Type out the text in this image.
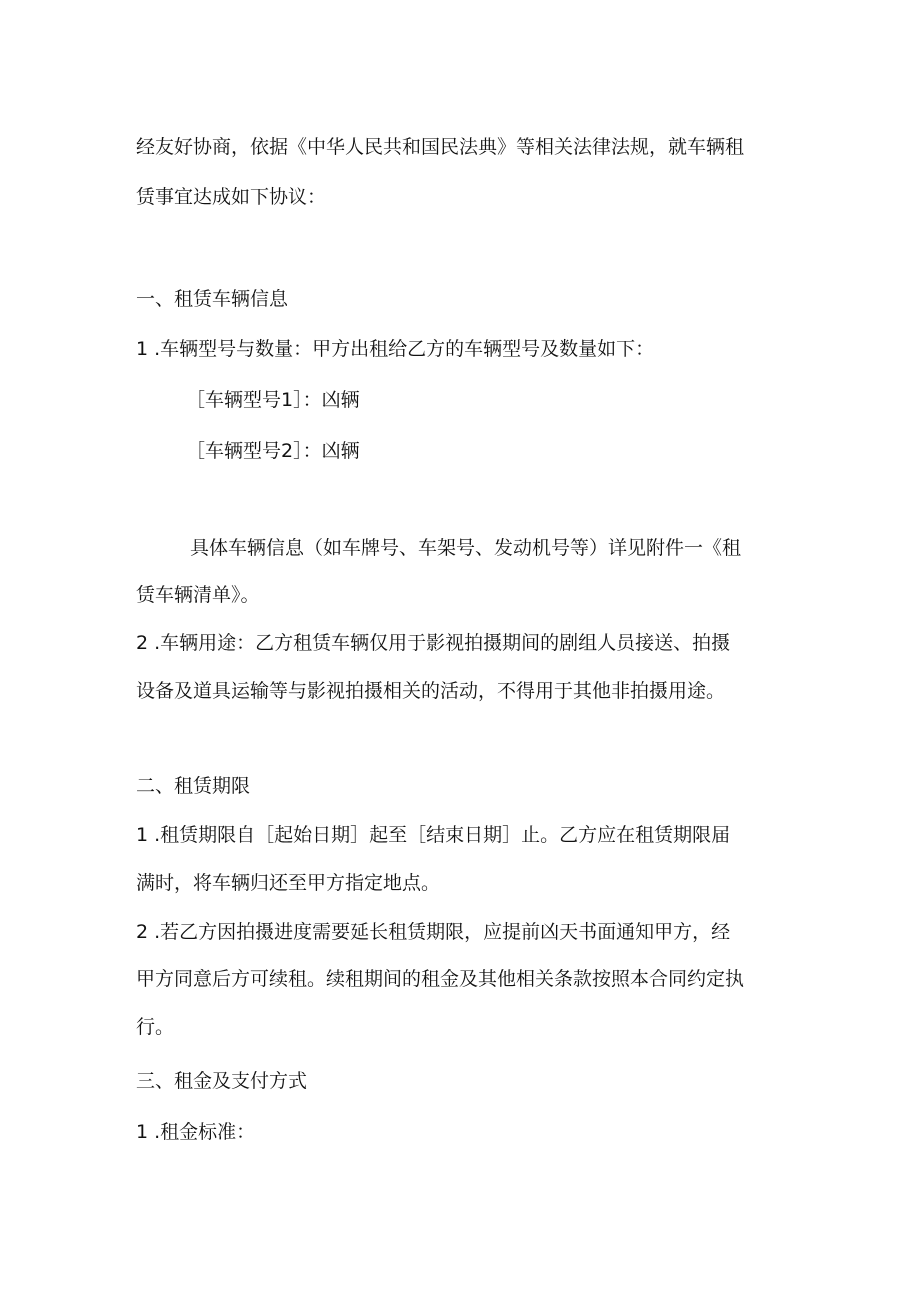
经友好协商，依据《中华人民共和国民法典》等相关法律法规，就车辆租

赁事宜达成如下协议：

一、租赁车辆信息

1 .车辆型号与数量：甲方出租给乙方的车辆型号及数量如下：

［车辆型号1］：凶辆

［车辆型号2］：凶辆

具体车辆信息（如车牌号、车架号、发动机号等）详见附件一《租

赁车辆清单》。

2 .车辆用途：乙方租赁车辆仅用于影视拍摄期间的剧组人员接送、拍摄

设备及道具运输等与影视拍摄相关的活动，不得用于其他非拍摄用途。

二、租赁期限

1 .租赁期限自［起始日期］起至［结束日期］止。乙方应在租赁期限届

满时，将车辆归还至甲方指定地点。

2 .若乙方因拍摄进度需要延长租赁期限，应提前凶天书面通知甲方，经

甲方同意后方可续租。续租期间的租金及其他相关条款按照本合同约定执

行。

三、租金及支付方式

1 .租金标准：
